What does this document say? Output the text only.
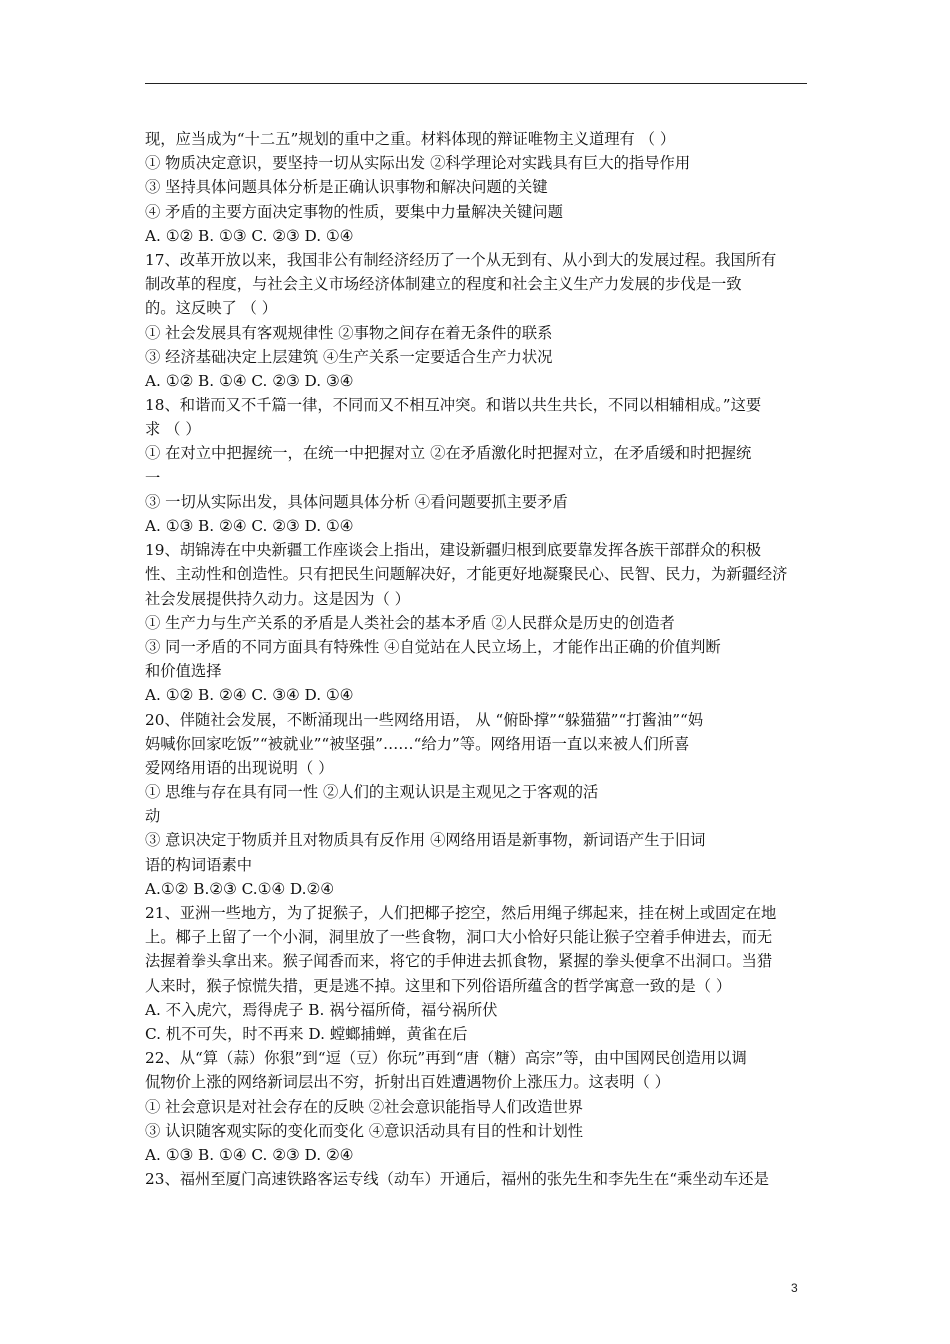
现，应当成为“十二五”规划的重中之重。材料体现的辩证唯物主义道理有 （ ）
① 物质决定意识，要坚持一切从实际出发 ②科学理论对实践具有巨大的指导作用
③ 坚持具体问题具体分析是正确认识事物和解决问题的关键
④ 矛盾的主要方面决定事物的性质，要集中力量解决关键问题
A. ①② B. ①③ C. ②③ D. ①④
17、改革开放以来，我国非公有制经济经历了一个从无到有、从小到大的发展过程。我国所有
制改革的程度，与社会主义市场经济体制建立的程度和社会主义生产力发展的步伐是一致
的。这反映了 （ ）
① 社会发展具有客观规律性 ②事物之间存在着无条件的联系
③ 经济基础决定上层建筑 ④生产关系一定要适合生产力状况
A. ①② B. ①④ C. ②③ D. ③④
18、和谐而又不千篇一律，不同而又不相互冲突。和谐以共生共长，不同以相辅相成。”这要
求 （ ）
① 在对立中把握统一，在统一中把握对立 ②在矛盾激化时把握对立，在矛盾缓和时把握统
一
③ 一切从实际出发，具体问题具体分析 ④看问题要抓主要矛盾
A. ①③ B. ②④ C. ②③ D. ①④
19、胡锦涛在中央新疆工作座谈会上指出，建设新疆归根到底要靠发挥各族干部群众的积极
性、主动性和创造性。只有把民生问题解决好，才能更好地凝聚民心、民智、民力，为新疆经济
社会发展提供持久动力。这是因为（ ）
① 生产力与生产关系的矛盾是人类社会的基本矛盾 ②人民群众是历史的创造者
③ 同一矛盾的不同方面具有特殊性 ④自觉站在人民立场上，才能作出正确的价值判断
和价值选择
A. ①② B. ②④ C. ③④ D. ①④
20、伴随社会发展，不断涌现出一些网络用语， 从 “俯卧撑”“躲猫猫”“打酱油”“妈
妈喊你回家吃饭”“被就业”“被坚强”……“给力”等。网络用语一直以来被人们所喜
爱网络用语的出现说明（ ）
① 思维与存在具有同一性 ②人们的主观认识是主观见之于客观的活
动
③ 意识决定于物质并且对物质具有反作用 ④网络用语是新事物，新词语产生于旧词
语的构词语素中
A.①② B.②③ C.①④ D.②④
21、亚洲一些地方，为了捉猴子，人们把椰子挖空，然后用绳子绑起来，挂在树上或固定在地
上。椰子上留了一个小洞，洞里放了一些食物，洞口大小恰好只能让猴子空着手伸进去，而无
法握着拳头拿出来。猴子闻香而来，将它的手伸进去抓食物，紧握的拳头便拿不出洞口。当猎
人来时，猴子惊慌失措，更是逃不掉。这里和下列俗语所蕴含的哲学寓意一致的是（ ）
A. 不入虎穴，焉得虎子 B. 祸兮福所倚，福兮祸所伏
C. 机不可失，时不再来 D. 螳螂捕蝉，黄雀在后
22、从“算（蒜）你狠”到“逗（豆）你玩”再到“唐（糖）高宗”等，由中国网民创造用以调
侃物价上涨的网络新词层出不穷，折射出百姓遭遇物价上涨压力。这表明（ ）
① 社会意识是对社会存在的反映 ②社会意识能指导人们改造世界
③ 认识随客观实际的变化而变化 ④意识活动具有目的性和计划性
A. ①③ B. ①④ C. ②③ D. ②④
23、福州至厦门高速铁路客运专线（动车）开通后，福州的张先生和李先生在“乘坐动车还是
3
